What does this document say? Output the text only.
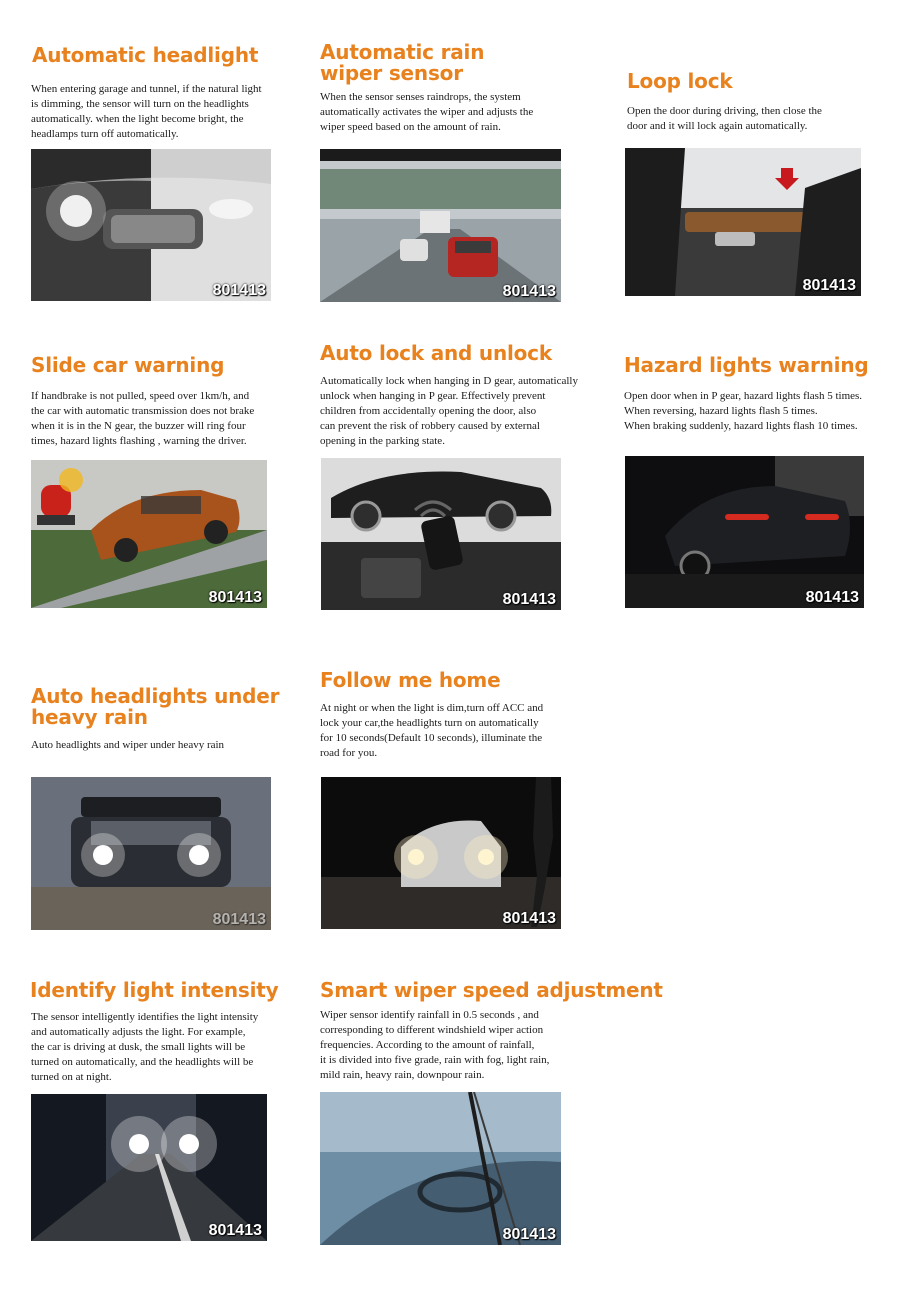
Automatic headlight

When entering garage and tunnel, if the natural light
is dimming, the sensor will turn on the headlights
automatically. when the light become bright, the
headlamps turn off automatically.

801413
Automatic rain
wiper sensor

When the sensor senses raindrops, the system
automatically activates the wiper and adjusts the
wiper speed based on the amount of rain.

801413
Loop lock

Open the door during driving, then close the
door and it will lock again automatically.

801413
Slide car warning

If handbrake is not pulled, speed over 1km/h, and
the car with automatic transmission does not brake
when it is in the N gear, the buzzer will ring four
times, hazard lights flashing , warning the driver.

801413
Auto lock and unlock

Automatically lock when hanging in D gear, automatically
unlock when hanging in P gear. Effectively prevent
children from accidentally opening the door, also
can prevent the risk of robbery caused by external
opening in the parking state.

801413
Hazard lights warning

Open door when in P gear, hazard lights flash 5 times.
When reversing, hazard lights flash 5 times.
When braking suddenly, hazard lights flash 10 times.

801413
Auto headlights under
heavy rain

Auto headlights and wiper under heavy rain

801413
Follow me home

At night or when the light is dim,turn off ACC and
lock your car,the headlights turn on automatically
for 10 seconds(Default 10 seconds), illuminate the
road for you.

801413
Identify light intensity

The sensor intelligently identifies the light intensity
and automatically adjusts the light. For example,
the car is driving at dusk, the small lights will be
turned on automatically, and the headlights will be
turned on at night.

801413
Smart wiper speed adjustment

Wiper sensor identify rainfall in 0.5 seconds , and
corresponding to different windshield wiper action
frequencies. According to the amount of rainfall,
it is divided into five grade, rain with fog, light rain,
mild rain, heavy rain, downpour rain.

801413
